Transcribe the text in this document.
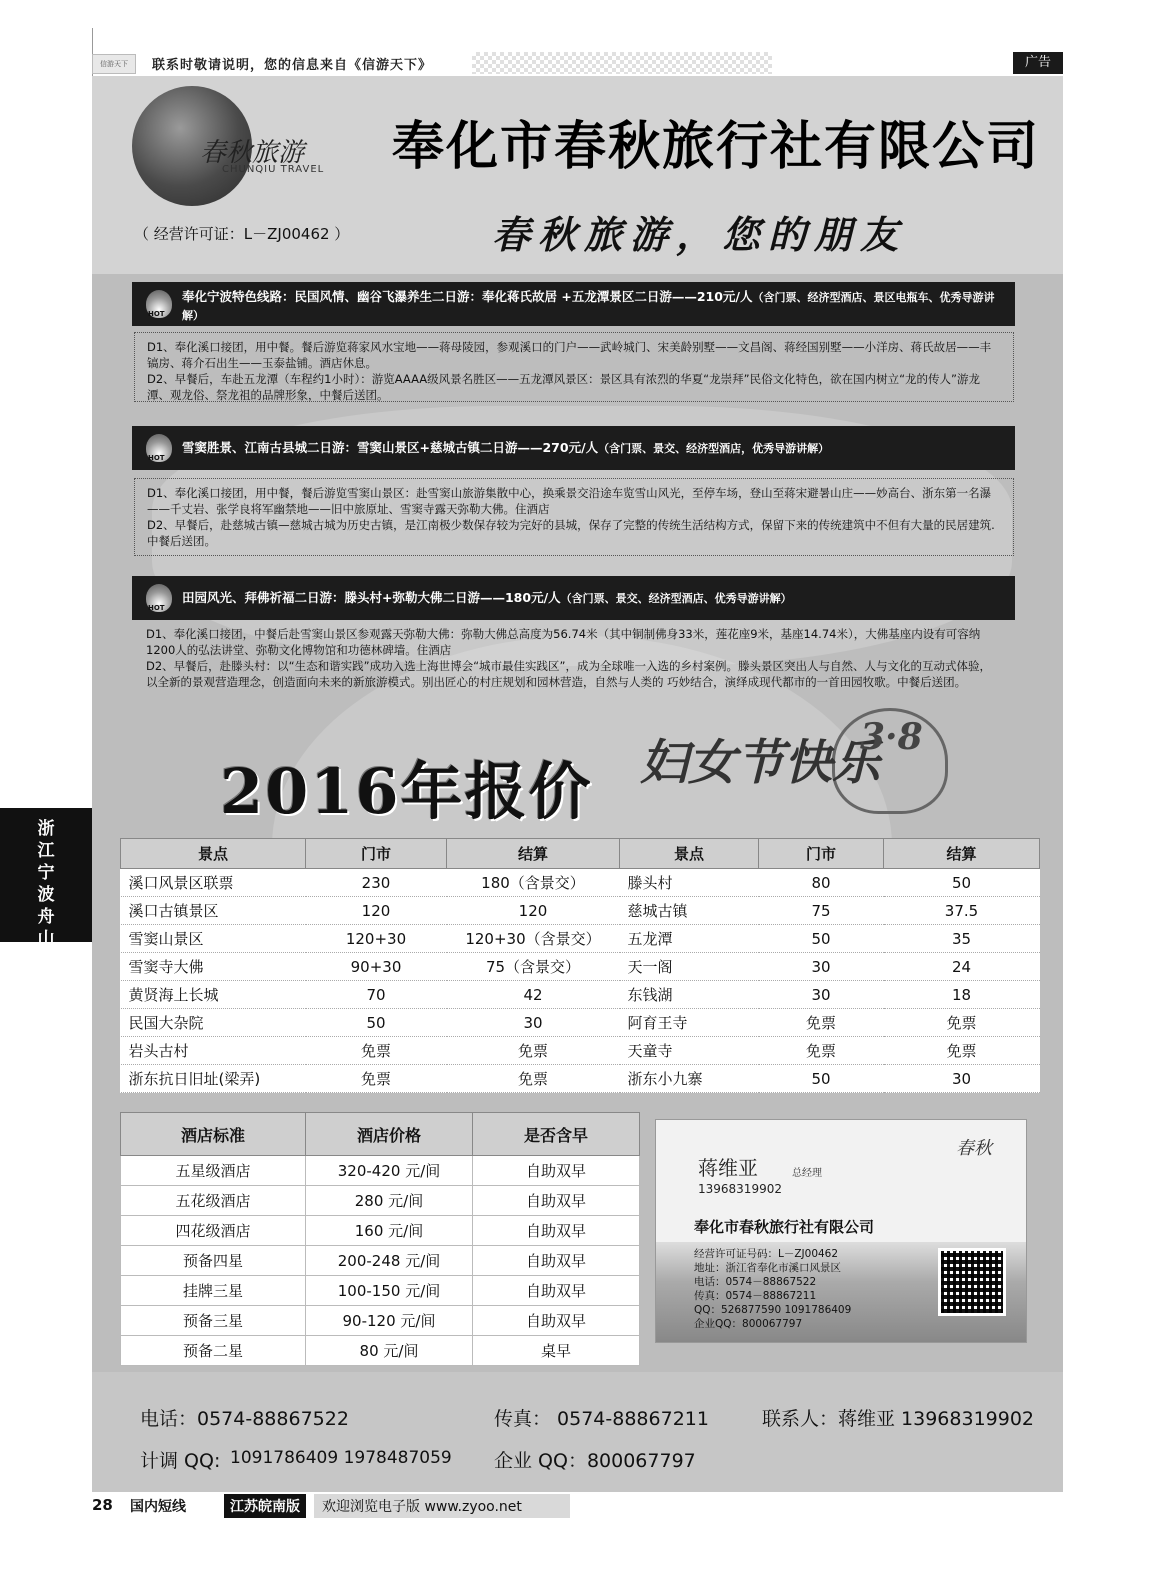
信游天下	联系时敬请说明，您的信息来自《信游天下》	广告
春秋旅游
CHUNQIU TRAVEL
（ 经营许可证：L－ZJ00462 ）
奉化市春秋旅行社有限公司
春秋旅游，您的朋友
HOT
奉化宁波特色线路：民国风情、幽谷飞瀑养生二日游：奉化蒋氏故居 +五龙潭景区二日游——210元/人（含门票、经济型酒店、景区电瓶车、优秀导游讲解）

D1、奉化溪口接团，用中餐。餐后游览蒋家风水宝地——蒋母陵园，参观溪口的门户——武岭城门、宋美龄别墅——文昌阁、蒋经国别墅——小洋房、蒋氏故居——丰镐房、蒋介石出生——玉泰盐铺。酒店休息。

D2、早餐后，车赴五龙潭（车程约1小时）：游览AAAA级风景名胜区——五龙潭风景区：景区具有浓烈的华夏“龙崇拜”民俗文化特色，欲在国内树立“龙的传人”游龙潭、观龙俗、祭龙祖的品牌形象，中餐后送团。

HOT
雪窦胜景、江南古县城二日游：雪窦山景区+慈城古镇二日游——270元/人（含门票、景交、经济型酒店，优秀导游讲解）

D1、奉化溪口接团，用中餐，餐后游览雪窦山景区：赴雪窦山旅游集散中心，换乘景交沿途车览雪山风光，至停车场，登山至蒋宋避暑山庄——妙高台、浙东第一名瀑——千丈岩、张学良将军幽禁地——旧中旅原址、雪窦寺露天弥勒大佛。住酒店

D2、早餐后，赴慈城古镇—慈城古城为历史古镇，是江南极少数保存较为完好的县城，保存了完整的传统生活结构方式，保留下来的传统建筑中不但有大量的民居建筑.中餐后送团。

HOT
田园风光、拜佛祈福二日游：滕头村+弥勒大佛二日游——180元/人（含门票、景交、经济型酒店、优秀导游讲解）

D1、奉化溪口接团，中餐后赴雪窦山景区参观露天弥勒大佛：弥勒大佛总高度为56.74米（其中铜制佛身33米，莲花座9米，基座14.74米），大佛基座内设有可容纳1200人的弘法讲堂、弥勒文化博物馆和功德林碑墙。住酒店

D2、早餐后，赴滕头村：以“生态和谐实践”成功入选上海世博会“城市最佳实践区”，成为全球唯一入选的乡村案例。滕头景区突出人与自然、人与文化的互动式体验，以全新的景观营造理念，创造面向未来的新旅游模式。别出匠心的村庄规划和园林营造，自然与人类的 巧妙结合，演绎成现代都市的一首田园牧歌。中餐后送团。

2016年报价 妇女节快乐
3·8
景点	门市	结算	景点	门市	结算
溪口风景区联票	230	180（含景交）	滕头村	80	50
溪口古镇景区	120	120	慈城古镇	75	37.5
雪窦山景区	120+30	120+30（含景交）	五龙潭	50	35
雪窦寺大佛	90+30	75（含景交）	天一阁	30	24
黄贤海上长城	70	42	东钱湖	30	18
民国大杂院	50	30	阿育王寺	免票	免票
岩头古村	免票	免票	天童寺	免票	免票
浙东抗日旧址(梁弄)	免票	免票	浙东小九寨	50	30
酒店标准	酒店价格	是否含早
五星级酒店	320-420 元/间	自助双早
五花级酒店	280 元/间	自助双早
四花级酒店	160 元/间	自助双早
预备四星	200-248 元/间	自助双早
挂牌三星	100-150 元/间	自助双早
预备三星	90-120 元/间	自助双早
预备二星	80 元/间	桌早
春秋
蒋维亚	总经理
13968319902
奉化市春秋旅行社有限公司
经营许可证号码：L－ZJ00462
地址：浙江省奉化市溪口风景区
电话：0574－88867522
传真：0574－88867211
QQ：526877590 1091786409
企业QQ：800067797
电话：0574-88867522	传真： 0574-88867211	联系人：蒋维亚 13968319902
计调 QQ: 1091786409 1978487059 企业 QQ：800067797
浙江宁波舟山
28 国内短线	江苏皖南版	欢迎浏览电子版 www.zyoo.net
